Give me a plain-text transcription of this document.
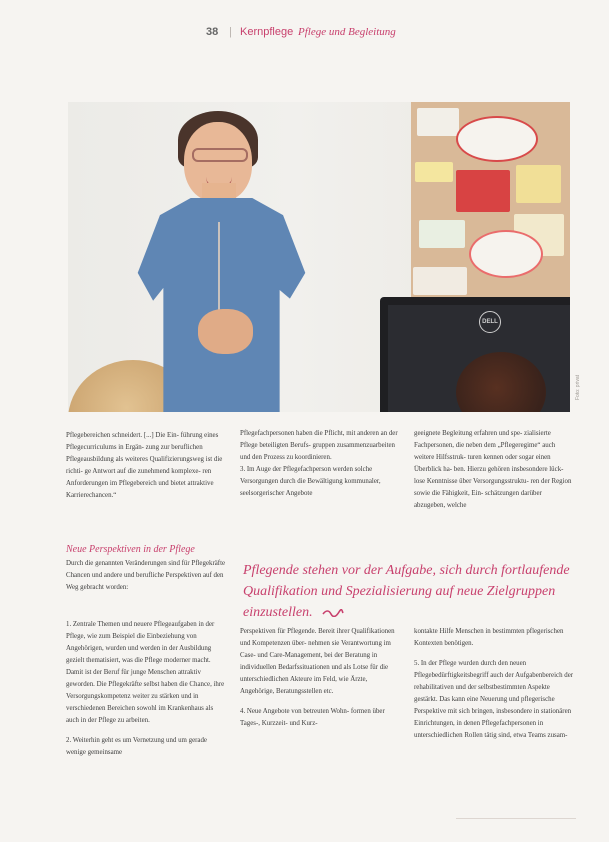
38 | Kernpflege Pflege und Begleitung
DELL
Foto: privat

Pflegebereichen schneidert. [...] Die Ein- führung eines Pflegecurriculums in Ergän- zung zur beruflichen Pflegeausbildung als weiteres Qualifizierungsweg ist die richti- ge Antwort auf die zunehmend komplexe- ren Anforderungen im Pflegebereich und bietet attraktive Karrierechancen.“

Pflegefachpersonen haben die Pflicht, mit anderen an der Pflege beteiligten Berufs- gruppen zusammenzuarbeiten und den Prozess zu koordinieren.
3. Im Auge der Pflegefachperson werden solche Versorgungen durch die Bewältigung kommunaler, seelsorgerischer Angebote

geeignete Begleitung erfahren und spe- zialisierte Fachpersonen, die neben dem „Pflegeregime“ auch weitere Hilfsstruk- turen kennen oder sogar einen Überblick ha- ben. Hierzu gehören insbesondere lück- lose Kenntnisse über Versorgungsstruktu- ren der Region sowie die Fähigkeit, Ein- schätzungen darüber abzugeben, welche

Neue Perspektiven in der Pflege
Durch die genannten Veränderungen sind für Pflegekräfte Chancen und andere und berufliche Perspektiven auf den Weg gebracht worden:
Pflegende stehen vor der Aufgabe, sich durch fortlaufende Qualifikation und Spezialisierung auf neue Zielgruppen einzustellen.

1. Zentrale Themen und neuere Pflegeaufgaben in der Pflege, wie zum Beispiel die Einbeziehung von Angehörigen, wurden und werden in der Ausbildung gezielt thematisiert, was die Pflege moderner macht. Damit ist der Beruf für junge Menschen attraktiv geworden. Die Pflegekräfte selbst haben die Chance, ihre Versorgungskompetenz weiter zu stärken und in verschiedenen Bereichen sowohl im Krankenhaus als auch in der Pflege zu arbeiten.

2. Weiterhin geht es um Vernetzung und um gerade wenige gemeinsame

Perspektiven für Pflegende. Bereit ihrer Qualifikationen und Kompetenzen über- nehmen sie Verantwortung im Case- und Care-Management, bei der Beratung in individuellen Bedarfssituationen und als Lotse für die unterschiedlichen Akteure im Feld, wie Ärzte, Angehörige, Beratungsstellen etc.

4. Neue Angebote von betreuten Wohn- formen über Tages-, Kurzzeit- und Kurz-

kontakte Hilfe Menschen in bestimmten pflegerischen Kontexten benötigen.

5. In der Pflege wurden durch den neuen Pflegebedürftigkeitsbegriff auch der Aufgabenbereich der rehabilitativen und der selbstbestimmten Aspekte gestärkt. Das kann eine Neuerung und pflegerische Perspektive mit sich bringen, insbesondere in stationären Einrichtungen, in denen Pflegefachpersonen in unterschiedlichen Rollen tätig sind, etwa Teams zusam-
